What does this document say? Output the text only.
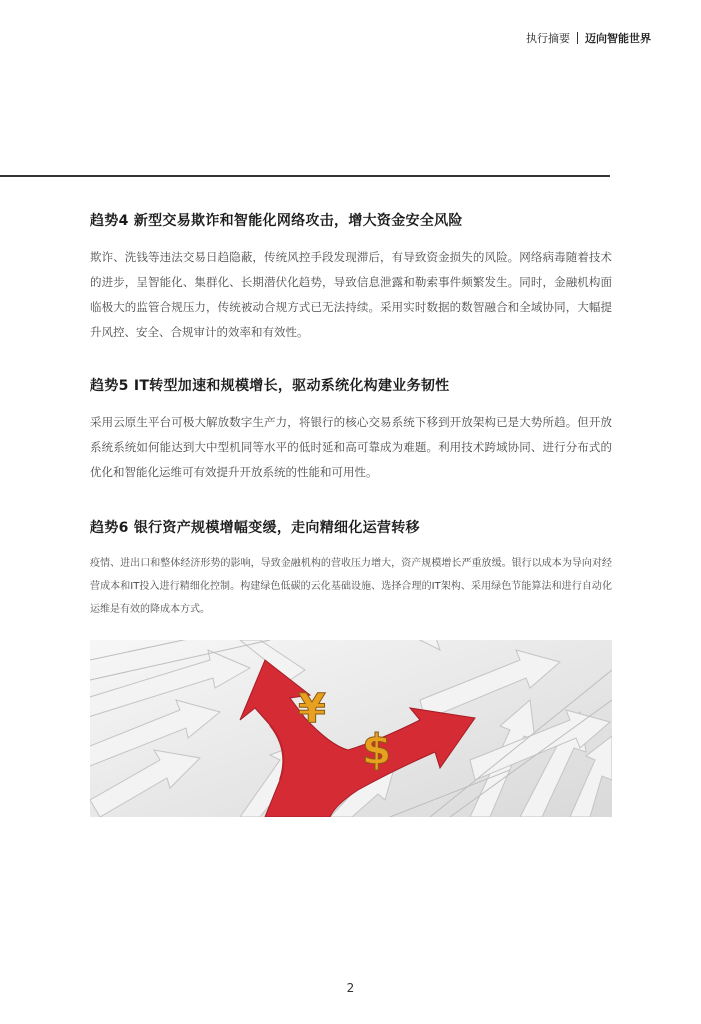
执行摘要 迈向智能世界
趋势4 新型交易欺诈和智能化网络攻击，增大资金安全风险

欺诈、洗钱等违法交易日趋隐蔽，传统风控手段发现滞后，有导致资金损失的风险。网络病毒随着技术的进步，呈智能化、集群化、长期潜伏化趋势，导致信息泄露和勒索事件频繁发生。同时，金融机构面临极大的监管合规压力，传统被动合规方式已无法持续。采用实时数据的数智融合和全域协同，大幅提升风控、安全、合规审计的效率和有效性。

趋势5 IT转型加速和规模增长，驱动系统化构建业务韧性

采用云原生平台可极大解放数字生产力，将银行的核心交易系统下移到开放架构已是大势所趋。但开放系统系统如何能达到大中型机同等水平的低时延和高可靠成为难题。利用技术跨域协同、进行分布式的优化和智能化运维可有效提升开放系统的性能和可用性。

趋势6 银行资产规模增幅变缓，走向精细化运营转移

疫情、进出口和整体经济形势的影响，导致金融机构的营收压力增大，资产规模增长严重放缓。银行以成本为导向对经营成本和IT投入进行精细化控制。构建绿色低碳的云化基础设施、选择合理的IT架构、采用绿色节能算法和进行自动化运维是有效的降成本方式。

¥
$
2
